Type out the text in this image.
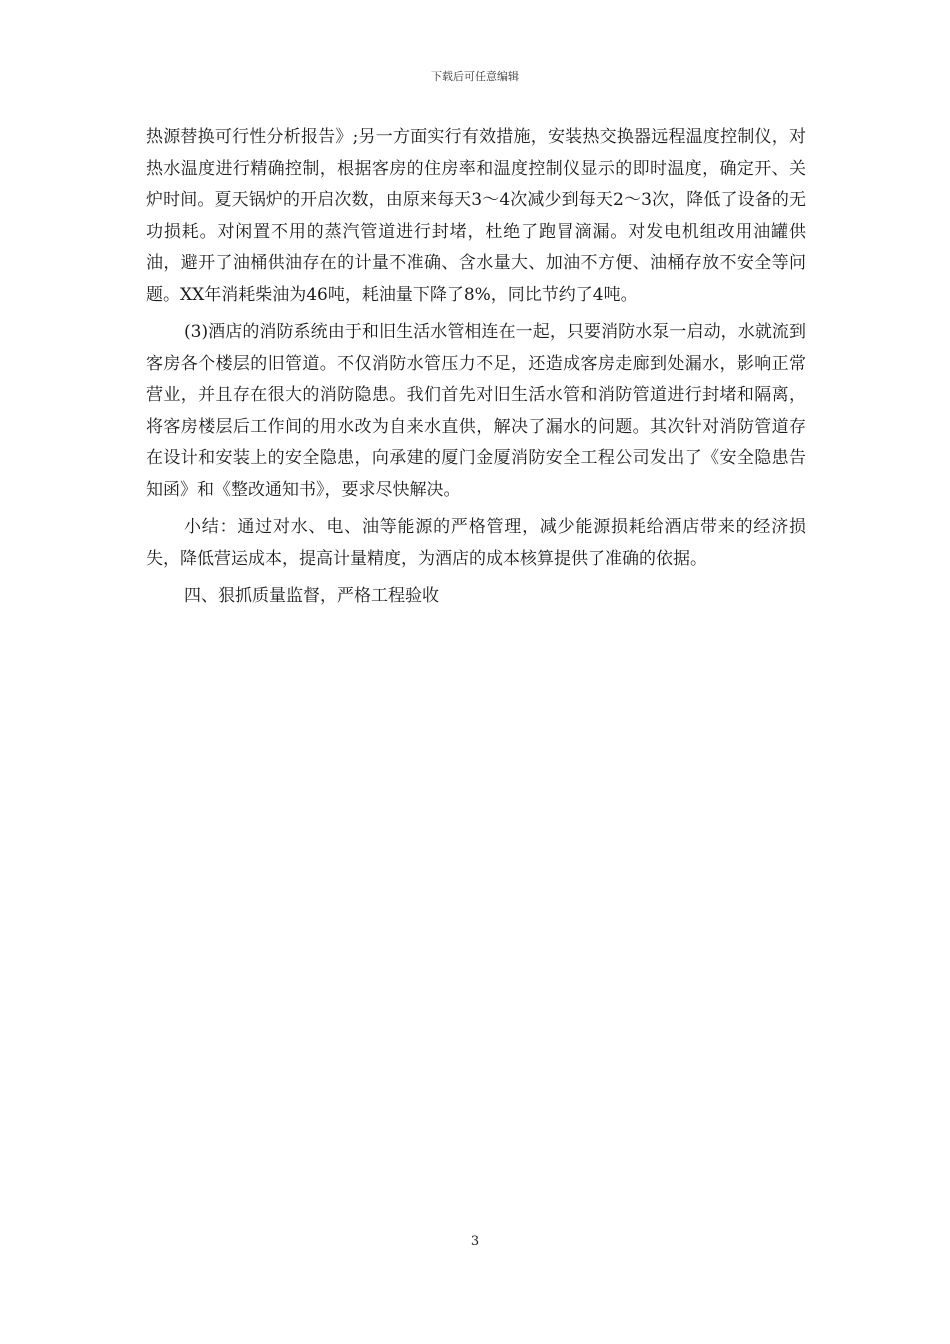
下载后可任意编辑

热源替换可行性分析报告》;另一方面实行有效措施，安装热交换器远程温度控制仪，对热水温度进行精确控制，根据客房的住房率和温度控制仪显示的即时温度，确定开、关炉时间。夏天锅炉的开启次数，由原来每天3～4次减少到每天2～3次，降低了设备的无功损耗。对闲置不用的蒸汽管道进行封堵，杜绝了跑冒滴漏。对发电机组改用油罐供油，避开了油桶供油存在的计量不准确、含水量大、加油不方便、油桶存放不安全等问题。XX年消耗柴油为46吨，耗油量下降了8%，同比节约了4吨。

(3)酒店的消防系统由于和旧生活水管相连在一起，只要消防水泵一启动，水就流到客房各个楼层的旧管道。不仅消防水管压力不足，还造成客房走廊到处漏水，影响正常营业，并且存在很大的消防隐患。我们首先对旧生活水管和消防管道进行封堵和隔离，将客房楼层后工作间的用水改为自来水直供，解决了漏水的问题。其次针对消防管道存在设计和安装上的安全隐患，向承建的厦门金厦消防安全工程公司发出了《安全隐患告知函》和《整改通知书》，要求尽快解决。

小结：通过对水、电、油等能源的严格管理，减少能源损耗给酒店带来的经济损失，降低营运成本，提高计量精度，为酒店的成本核算提供了准确的依据。

四、狠抓质量监督，严格工程验收

3
